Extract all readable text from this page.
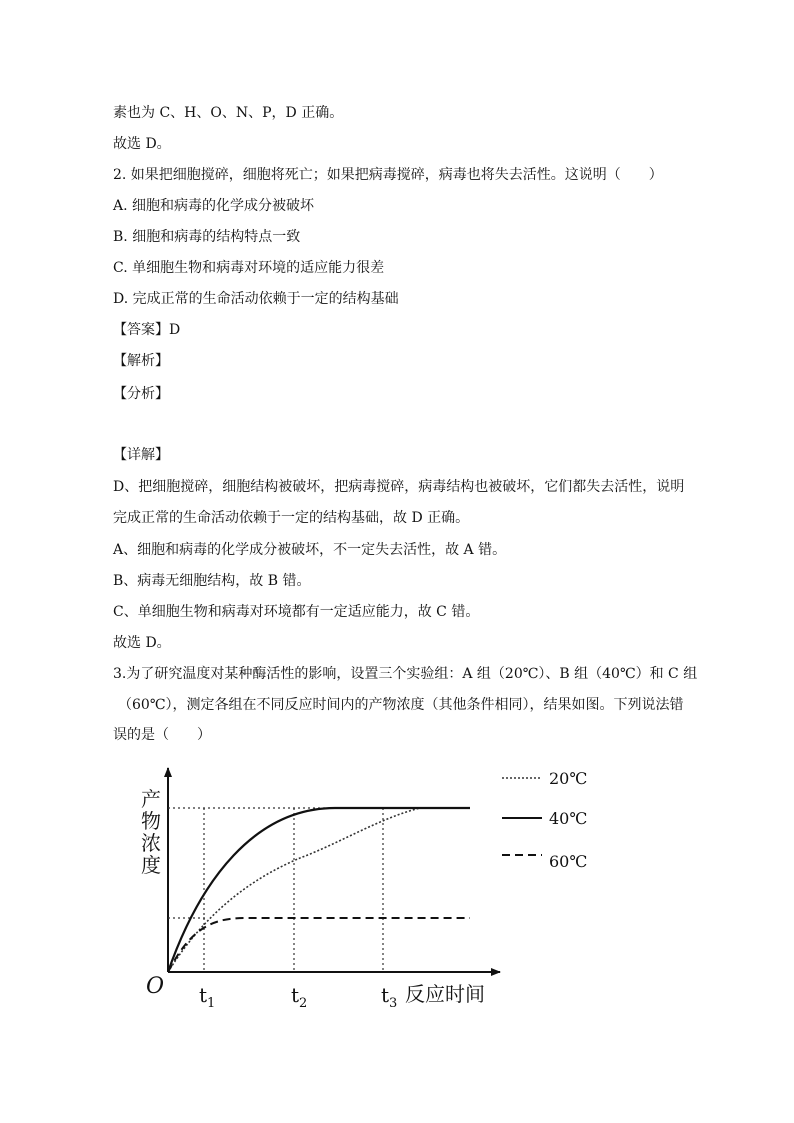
素也为 C、H、O、N、P，D 正确。
故选 D。
2. 如果把细胞搅碎，细胞将死亡；如果把病毒搅碎，病毒也将失去活性。这说明（　　）
A. 细胞和病毒的化学成分被破坏
B. 细胞和病毒的结构特点一致
C. 单细胞生物和病毒对环境的适应能力很差
D. 完成正常的生命活动依赖于一定的结构基础
【答案】D
【解析】
【分析】
【详解】
D、把细胞搅碎，细胞结构被破坏，把病毒搅碎，病毒结构也被破坏，它们都失去活性，说明
完成正常的生命活动依赖于一定的结构基础，故 D 正确。
A、细胞和病毒的化学成分被破坏，不一定失去活性，故 A 错。
B、病毒无细胞结构，故 B 错。
C、单细胞生物和病毒对环境都有一定适应能力，故 C 错。
故选 D。
3.为了研究温度对某种酶活性的影响，设置三个实验组：A 组（20℃）、B 组（40℃）和 C 组
（60℃），测定各组在不同反应时间内的产物浓度（其他条件相同），结果如图。下列说法错
误的是（　　）
产物浓度
O $t_1$	$t_2$	$t_3$ 反应时间
20℃
40℃
60℃
